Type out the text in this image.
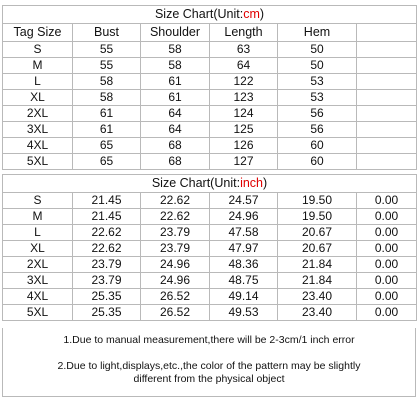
Size Chart(Unit:cm)					
Tag Size	Bust	Shoulder	Length	Hem	
S	55	58	63	50	
M	55	58	64	50	
L	58	61	122	53	
XL	58	61	123	53	
2XL	61	64	124	56	
3XL	61	64	125	56	
4XL	65	68	126	60	
5XL	65	68	127	60	
Size Chart(Unit:inch)					
S	21.45	22.62	24.57	19.50	0.00
M	21.45	22.62	24.96	19.50	0.00
L	22.62	23.79	47.58	20.67	0.00
XL	22.62	23.79	47.97	20.67	0.00
2XL	23.79	24.96	48.36	21.84	0.00
3XL	23.79	24.96	48.75	21.84	0.00
4XL	25.35	26.52	49.14	23.40	0.00
5XL	25.35	26.52	49.53	23.40	0.00
1.Due to manual measurement,there will be 2-3cm/1 inch error
2.Due to light,displays,etc.,the color of the pattern may be slightly
different from the physical object
